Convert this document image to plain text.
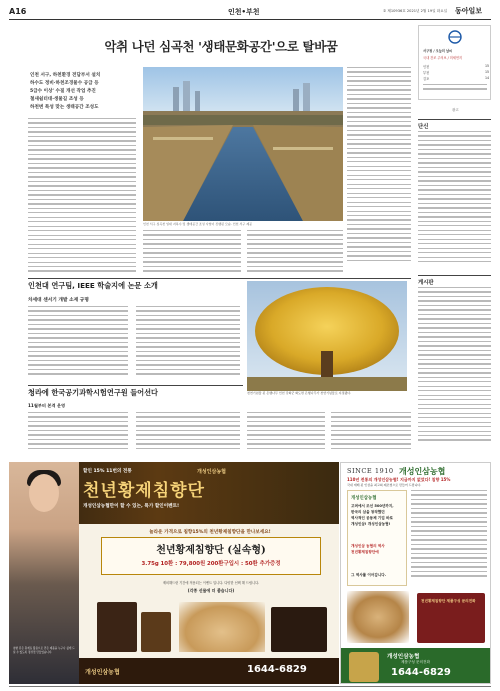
A16	인천•부천	② 제10936호 2021년 2월 19일 화요일 동아일보
악취 나던 심곡천 '생태문화공간'으로 탈바꿈
인천 서구, 하천환경 전담부서 설치
하수도 정비·하천조경물수 공급 등
5급수 이상' 수질 개선 작업 추진
철새쉼터대·생물길 조성 등
하천변 특성 맞는 생태공간 조성도
인천 서구 심곡천 일대 지하수 및 생태공간 조성 사업이 진행된 모습. 인천 서구 제공
서구청 / 오늘의 날씨
국내 건조 주의보 / 미세먼지
인천	15
부천	15
김포	14
광고
단신
게시판
인천대 연구팀, IEEE 학술지에 논문 소개
차세대 센서기 개발 소재 규명
천연기념물 된 은행나무 인천 강화군 화도면 은행나무가 천연기념물로 지정됐다.
청라에 한국공기과학시험연구원 들어선다
11월부터 본격 운영
침향 같은 원재료 활용으로 만든 제품을 누구나 쉽게 드실 수 있도록 정성껏 만들었습니다.
할인 15% 11번의 전통	개성인삼농협
천년황제침향단
개성인삼농협만이 할 수 있는, 특가 할인이벤트!
놀라운 가격으로 침향15%의 천년황제침향단을 만나보세요!
천년황제침향단 (실속형)
3.75g 10환 : 79,800원 200환구입시 : 50환 추가증정
제외해드린 기간에 적용되는 이벤트 입니다. 다양한 선택 해 드립니다.
(각종 선물에 더 좋습니다)
개성인삼농협	1644-6829
SINCE 1910 개성인삼농협
110년 전통의 개성인삼농협! 지금까지 없었다! 침향 15%
국내 재배 된 인삼을 최고의 제조법으로 만들어 드립니다.
개성인삼농협
고려에서 조선 500년까지,
한국의 삼을 창작했던
역사적인 공동체 기업 바로
개성인삼! 개성인삼농협!
개성인삼 농협의 역사
천년황제침향단에
그 역사를 이어갑니다.
천년황제침향단 제품구성 문의전화
개성인삼농협
제품구성 문의전화
1644-6829
